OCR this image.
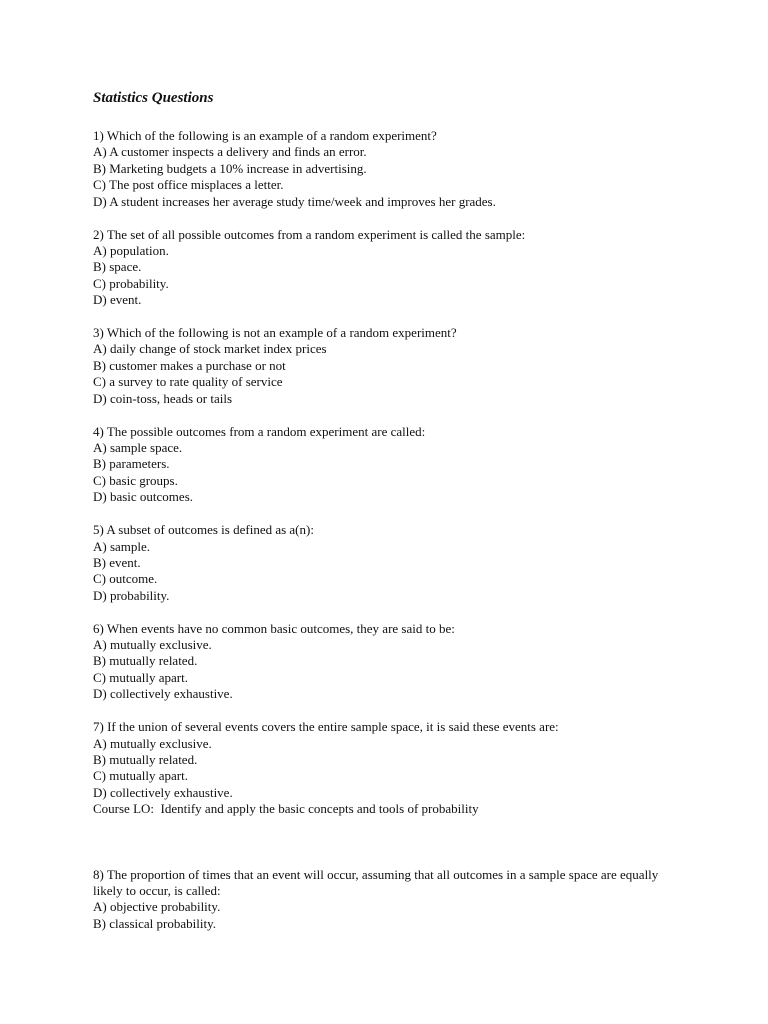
Statistics Questions
1) Which of the following is an example of a random experiment?
A) A customer inspects a delivery and finds an error.
B) Marketing budgets a 10% increase in advertising.
C) The post office misplaces a letter.
D) A student increases her average study time/week and improves her grades.
2) The set of all possible outcomes from a random experiment is called the sample:
A) population.
B) space.
C) probability.
D) event.
3) Which of the following is not an example of a random experiment?
A) daily change of stock market index prices
B) customer makes a purchase or not
C) a survey to rate quality of service
D) coin-toss, heads or tails
4) The possible outcomes from a random experiment are called:
A) sample space.
B) parameters.
C) basic groups.
D) basic outcomes.
5) A subset of outcomes is defined as a(n):
A) sample.
B) event.
C) outcome.
D) probability.
6) When events have no common basic outcomes, they are said to be:
A) mutually exclusive.
B) mutually related.
C) mutually apart.
D) collectively exhaustive.
7) If the union of several events covers the entire sample space, it is said these events are:
A) mutually exclusive.
B) mutually related.
C) mutually apart.
D) collectively exhaustive.
Course LO:  Identify and apply the basic concepts and tools of probability
8) The proportion of times that an event will occur, assuming that all outcomes in a sample space are equally likely to occur, is called:
A) objective probability.
B) classical probability.
